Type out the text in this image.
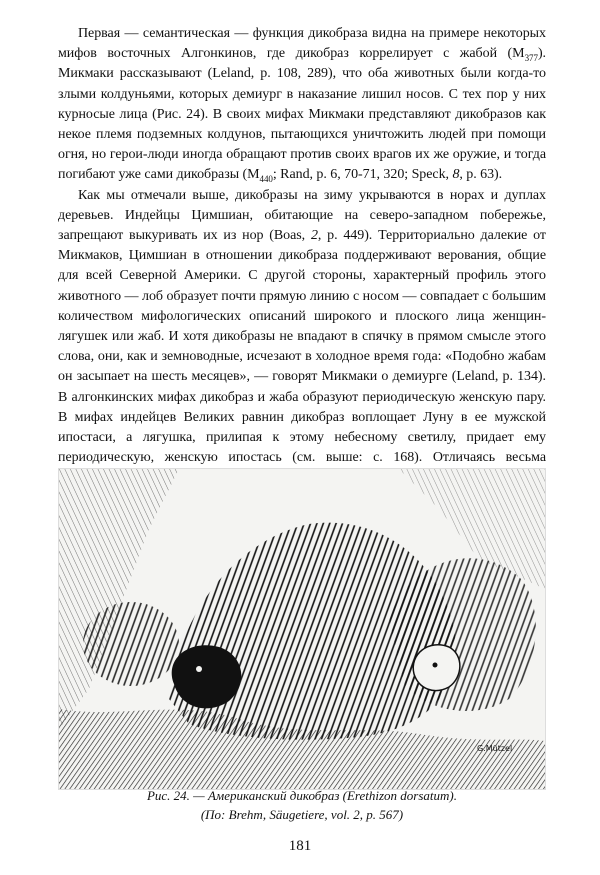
Первая — семантическая — функция дикобраза видна на примере некоторых мифов восточных Алгонкинов, где дикобраз коррелирует с жабой $(M_{377})$. Микмаки рассказывают (Leland, p. 108, 289), что оба животных были когда-то злыми колдуньями, которых демиург в наказание лишил носов. С тех пор у них курносые лица (Рис. 24). В своих мифах Микмаки представляют дикобразов как некое племя подземных колдунов, пытающихся уничтожить людей при помощи огня, но герои-люди иногда обращают против своих врагов их же оружие, и тогда погибают уже сами дикобразы ($M_{440}$; Rand, p. 6, 70-71, 320; Speck, 8, p. 63).

Как мы отмечали выше, дикобразы на зиму укрываются в норах и дуплах деревьев. Индейцы Цимшиан, обитающие на северо-западном побережье, запрещают выкуривать их из нор (Boas, 2, p. 449). Территориально далекие от Микмаков, Цимшиан в отношении дикобраза поддерживают верования, общие для всей Северной Америки. С другой стороны, характерный профиль этого животного — лоб образует почти прямую линию с носом — совпадает с большим количеством мифологических описаний широкого и плоского лица женщин-лягушек или жаб. И хотя дикобразы не впадают в спячку в прямом смысле этого слова, они, как и земноводные, исчезают в холодное время года: «Подобно жабам он засыпает на шесть месяцев», — говорят Микмаки о демиурге (Leland, p. 134). В алгонкинских мифах дикобраз и жаба образуют периодическую женскую пару. В мифах индейцев Великих равнин дикобраз воплощает Луну в ее мужской ипостаси, а лягушка, прилипая к этому небесному светилу, придает ему периодическую, женскую ипостась (см. выше: с. 168). Отличаясь весьма

G.Mützel
Рис. 24. — Американский дикобраз (Erethizon dorsatum).
(По: Brehm, Säugetiere, vol. 2, p. 567)
181
